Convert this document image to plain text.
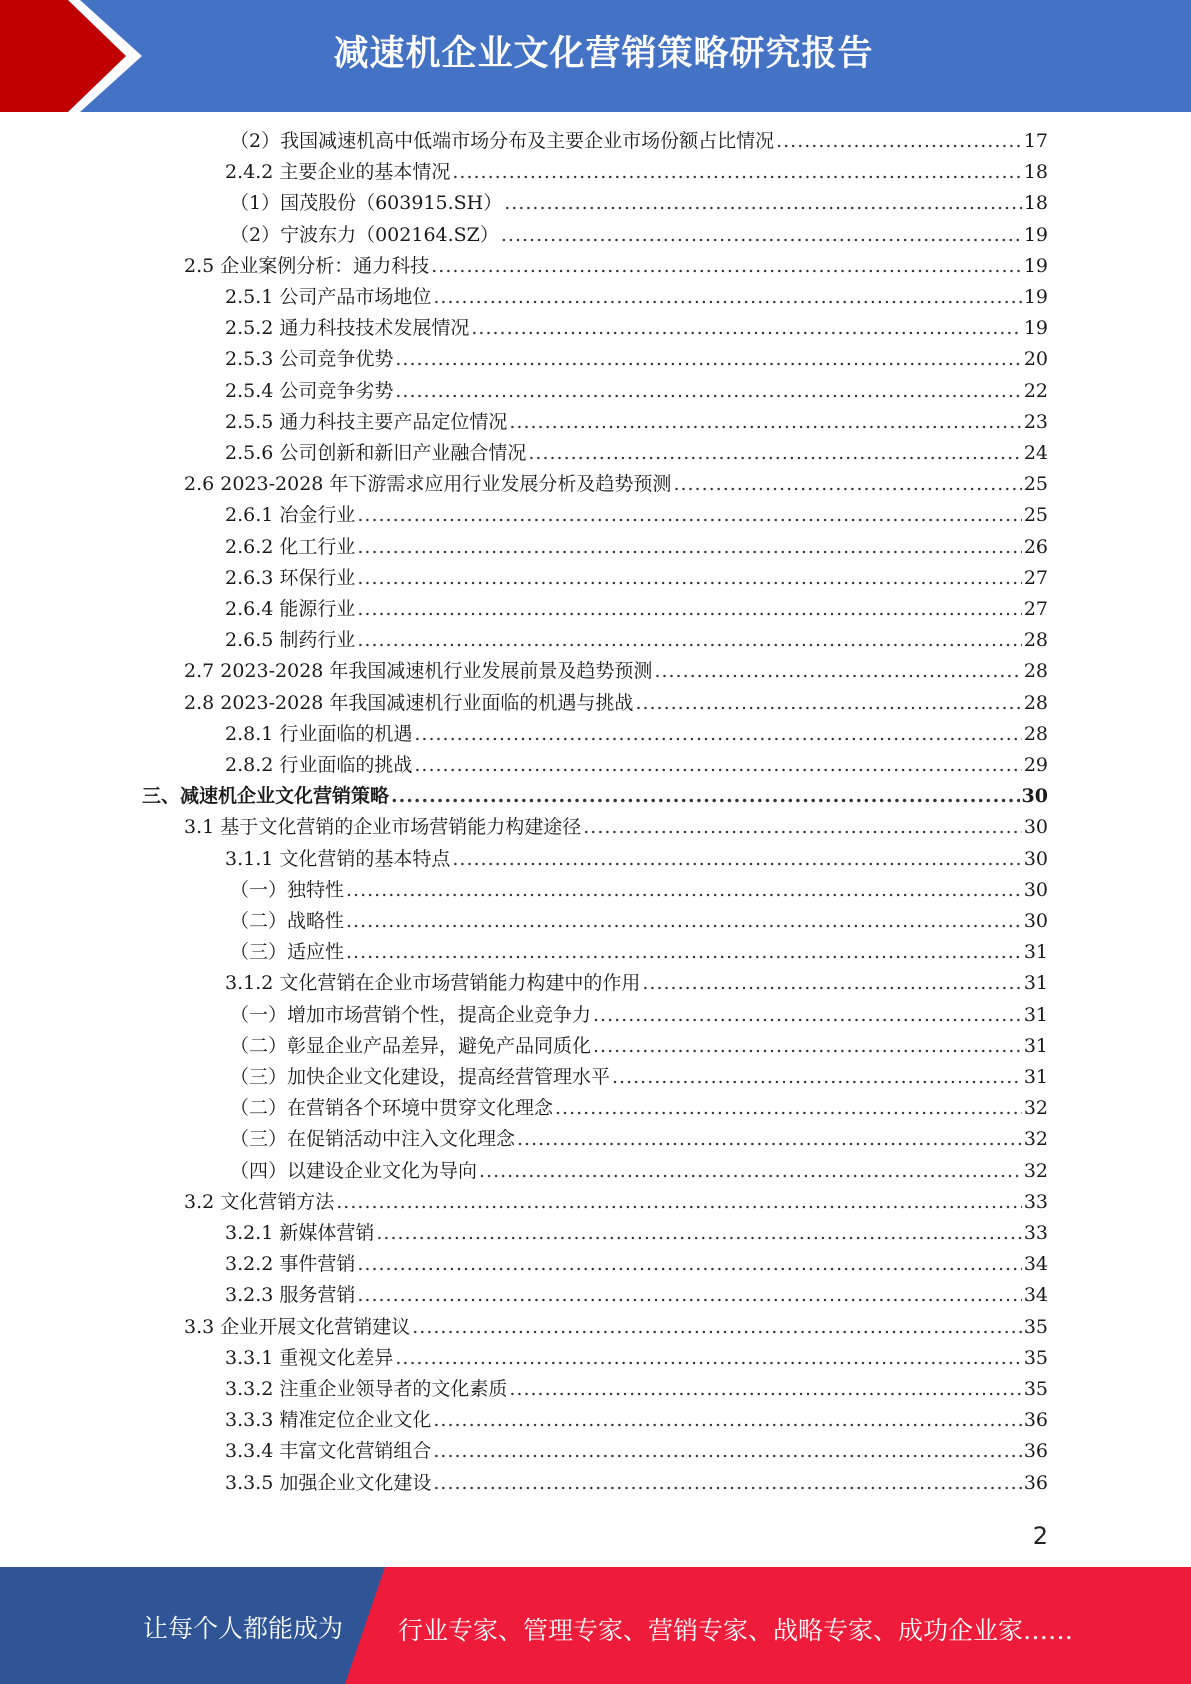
减速机企业文化营销策略研究报告
（2）我国减速机高中低端市场分布及主要企业市场份额占比情况 .....	17
2.4.2 主要企业的基本情况 .....	18
（1）国茂股份（603915.SH） .....	18
（2）宁波东力（002164.SZ） .....	19
2.5 企业案例分析：通力科技 .....	19
2.5.1 公司产品市场地位 .....	19
2.5.2 通力科技技术发展情况 .....	19
2.5.3 公司竞争优势 .....	20
2.5.4 公司竞争劣势 .....	22
2.5.5 通力科技主要产品定位情况 .....	23
2.5.6 公司创新和新旧产业融合情况 .....	24
2.6 2023-2028 年下游需求应用行业发展分析及趋势预测 .....	25
2.6.1 冶金行业 .....	25
2.6.2 化工行业 .....	26
2.6.3 环保行业 .....	27
2.6.4 能源行业 .....	27
2.6.5 制药行业 .....	28
2.7 2023-2028 年我国减速机行业发展前景及趋势预测 .....	28
2.8 2023-2028 年我国减速机行业面临的机遇与挑战 .....	28
2.8.1 行业面临的机遇 .....	28
2.8.2 行业面临的挑战 .....	29
三、减速机企业文化营销策略 .....	30
3.1 基于文化营销的企业市场营销能力构建途径 .....	30
3.1.1 文化营销的基本特点 .....	30
（一）独特性 .....	30
（二）战略性 .....	30
（三）适应性 .....	31
3.1.2 文化营销在企业市场营销能力构建中的作用 .....	31
（一）增加市场营销个性，提高企业竞争力 .....	31
（二）彰显企业产品差异，避免产品同质化 .....	31
（三）加快企业文化建设，提高经营管理水平 .....	31
（二）在营销各个环境中贯穿文化理念 .....	32
（三）在促销活动中注入文化理念 .....	32
（四）以建设企业文化为导向 .....	32
3.2 文化营销方法 .....	33
3.2.1 新媒体营销 .....	33
3.2.2 事件营销 .....	34
3.2.3 服务营销 .....	34
3.3 企业开展文化营销建议 .....	35
3.3.1 重视文化差异 .....	35
3.3.2 注重企业领导者的文化素质 .....	35
3.3.3 精准定位企业文化 .....	36
3.3.4 丰富文化营销组合 .....	36
3.3.5 加强企业文化建设 .....	36
2
让每个人都能成为 行业专家、管理专家、营销专家、战略专家、成功企业家……
